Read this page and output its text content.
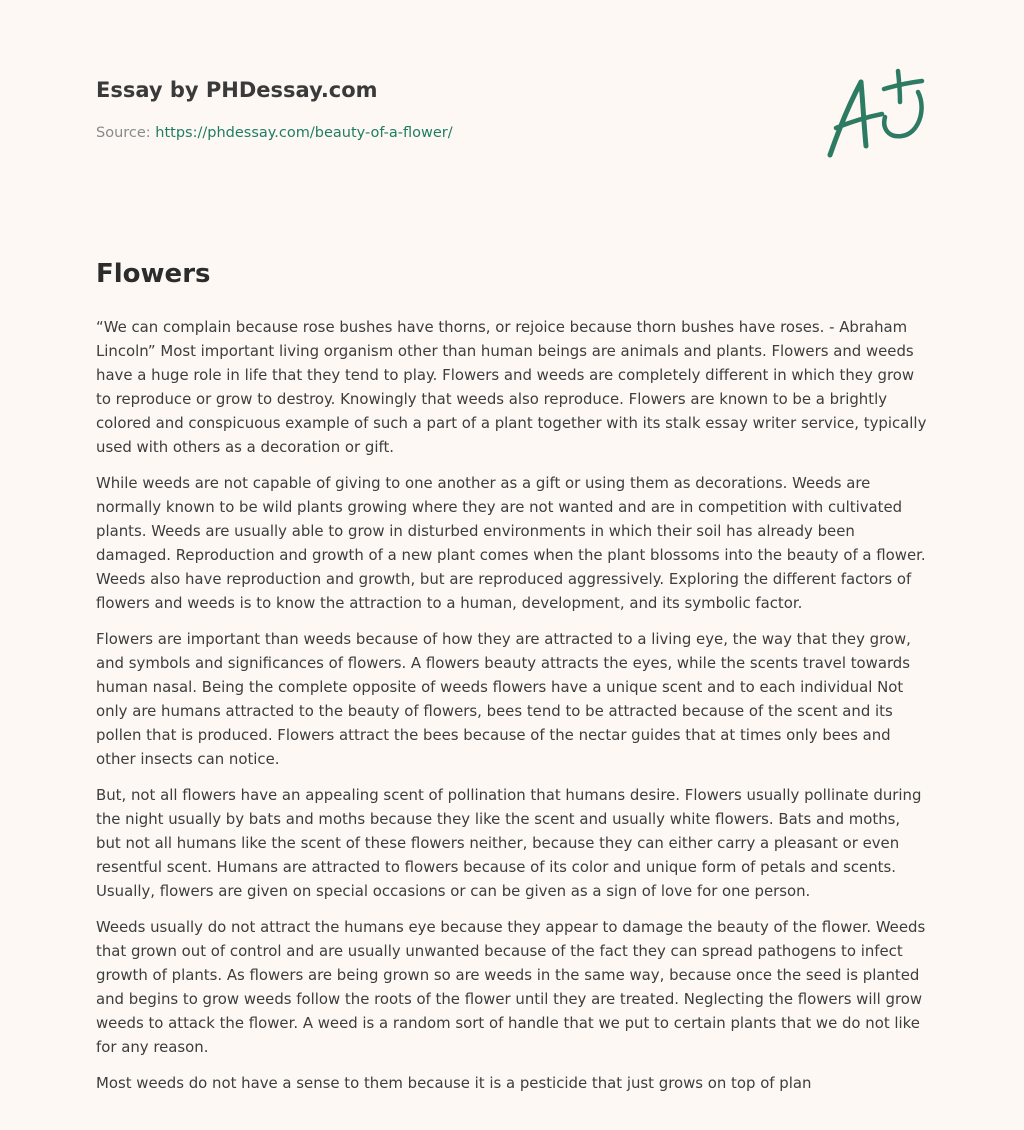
Essay by PHDessay.com
Source: https://phdessay.com/beauty-of-a-flower/
Flowers

“We can complain because rose bushes have thorns, or rejoice because thorn bushes have roses. - Abraham Lincoln” Most important living organism other than human beings are animals and plants. Flowers and weeds have a huge role in life that they tend to play. Flowers and weeds are completely different in which they grow to reproduce or grow to destroy. Knowingly that weeds also reproduce. Flowers are known to be a brightly colored and conspicuous example of such a part of a plant together with its stalk essay writer service, typically used with others as a decoration or gift.

While weeds are not capable of giving to one another as a gift or using them as decorations. Weeds are normally known to be wild plants growing where they are not wanted and are in competition with cultivated plants. Weeds are usually able to grow in disturbed environments in which their soil has already been damaged. Reproduction and growth of a new plant comes when the plant blossoms into the beauty of a flower. Weeds also have reproduction and growth, but are reproduced aggressively. Exploring the different factors of flowers and weeds is to know the attraction to a human, development, and its symbolic factor.

Flowers are important than weeds because of how they are attracted to a living eye, the way that they grow, and symbols and significances of flowers. A flowers beauty attracts the eyes, while the scents travel towards human nasal. Being the complete opposite of weeds flowers have a unique scent and to each individual Not only are humans attracted to the beauty of flowers, bees tend to be attracted because of the scent and its pollen that is produced. Flowers attract the bees because of the nectar guides that at times only bees and other insects can notice.

But, not all flowers have an appealing scent of pollination that humans desire. Flowers usually pollinate during the night usually by bats and moths because they like the scent and usually white flowers. Bats and moths, but not all humans like the scent of these flowers neither, because they can either carry a pleasant or even resentful scent. Humans are attracted to flowers because of its color and unique form of petals and scents. Usually, flowers are given on special occasions or can be given as a sign of love for one person.

Weeds usually do not attract the humans eye because they appear to damage the beauty of the flower. Weeds that grown out of control and are usually unwanted because of the fact they can spread pathogens to infect growth of plants. As flowers are being grown so are weeds in the same way, because once the seed is planted and begins to grow weeds follow the roots of the flower until they are treated. Neglecting the flowers will grow weeds to attack the flower. A weed is a random sort of handle that we put to certain plants that we do not like for any reason.

Most weeds do not have a sense to them because it is a pesticide that just grows on top of plan
